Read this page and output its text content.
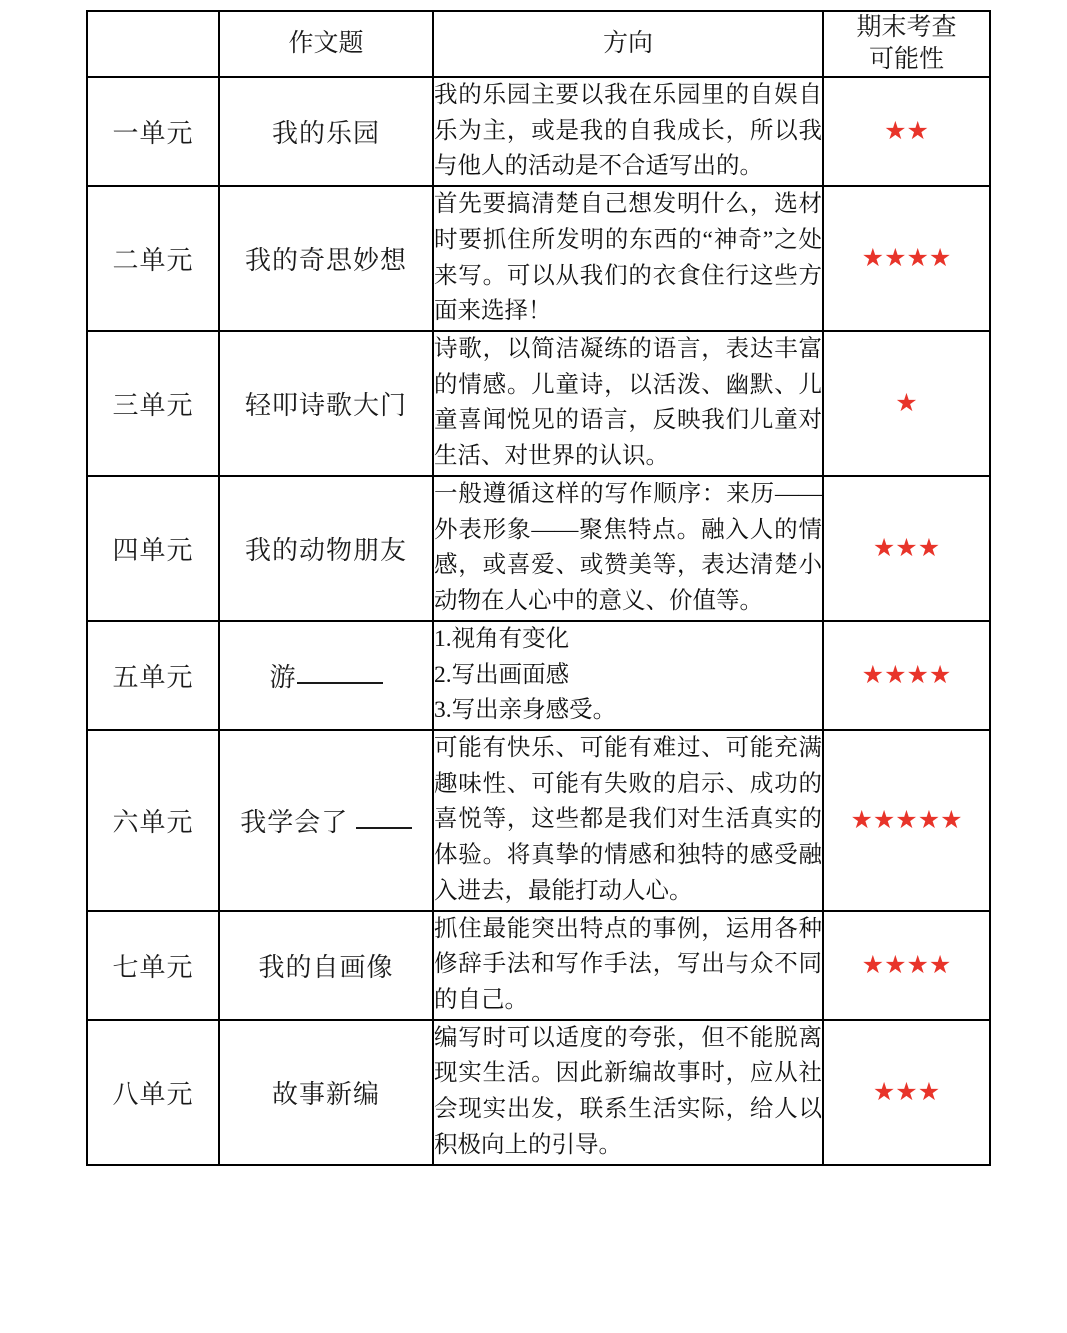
	作文题	方向	期末考查
可能性

一单元	我的乐园	我的乐园主要以我在乐园里的自娱自乐为主，或是我的自我成长，所以我与他人的活动是不合适写出的。	★★
二单元	我的奇思妙想	首先要搞清楚自己想发明什么，选材时要抓住所发明的东西的“神奇”之处来写。可以从我们的衣食住行这些方面来选择！	★★★★
三单元	轻叩诗歌大门	诗歌，以简洁凝练的语言，表达丰富的情感。儿童诗，以活泼、幽默、儿童喜闻悦见的语言，反映我们儿童对生活、对世界的认识。	★
四单元	我的动物朋友	一般遵循这样的写作顺序：来历——外表形象——聚焦特点。融入人的情感，或喜爱、或赞美等，表达清楚小动物在人心中的意义、价值等。	★★★
五单元	游	1.视角有变化

2.写出画面感

3.写出亲身感受。	★★★★
六单元	我学会了	可能有快乐、可能有难过、可能充满趣味性、可能有失败的启示、成功的喜悦等，这些都是我们对生活真实的体验。将真挚的情感和独特的感受融入进去，最能打动人心。	★★★★★
七单元	我的自画像	抓住最能突出特点的事例，运用各种修辞手法和写作手法，写出与众不同的自己。	★★★★
八单元	故事新编	编写时可以适度的夸张，但不能脱离现实生活。因此新编故事时，应从社会现实出发，联系生活实际，给人以积极向上的引导。	★★★
